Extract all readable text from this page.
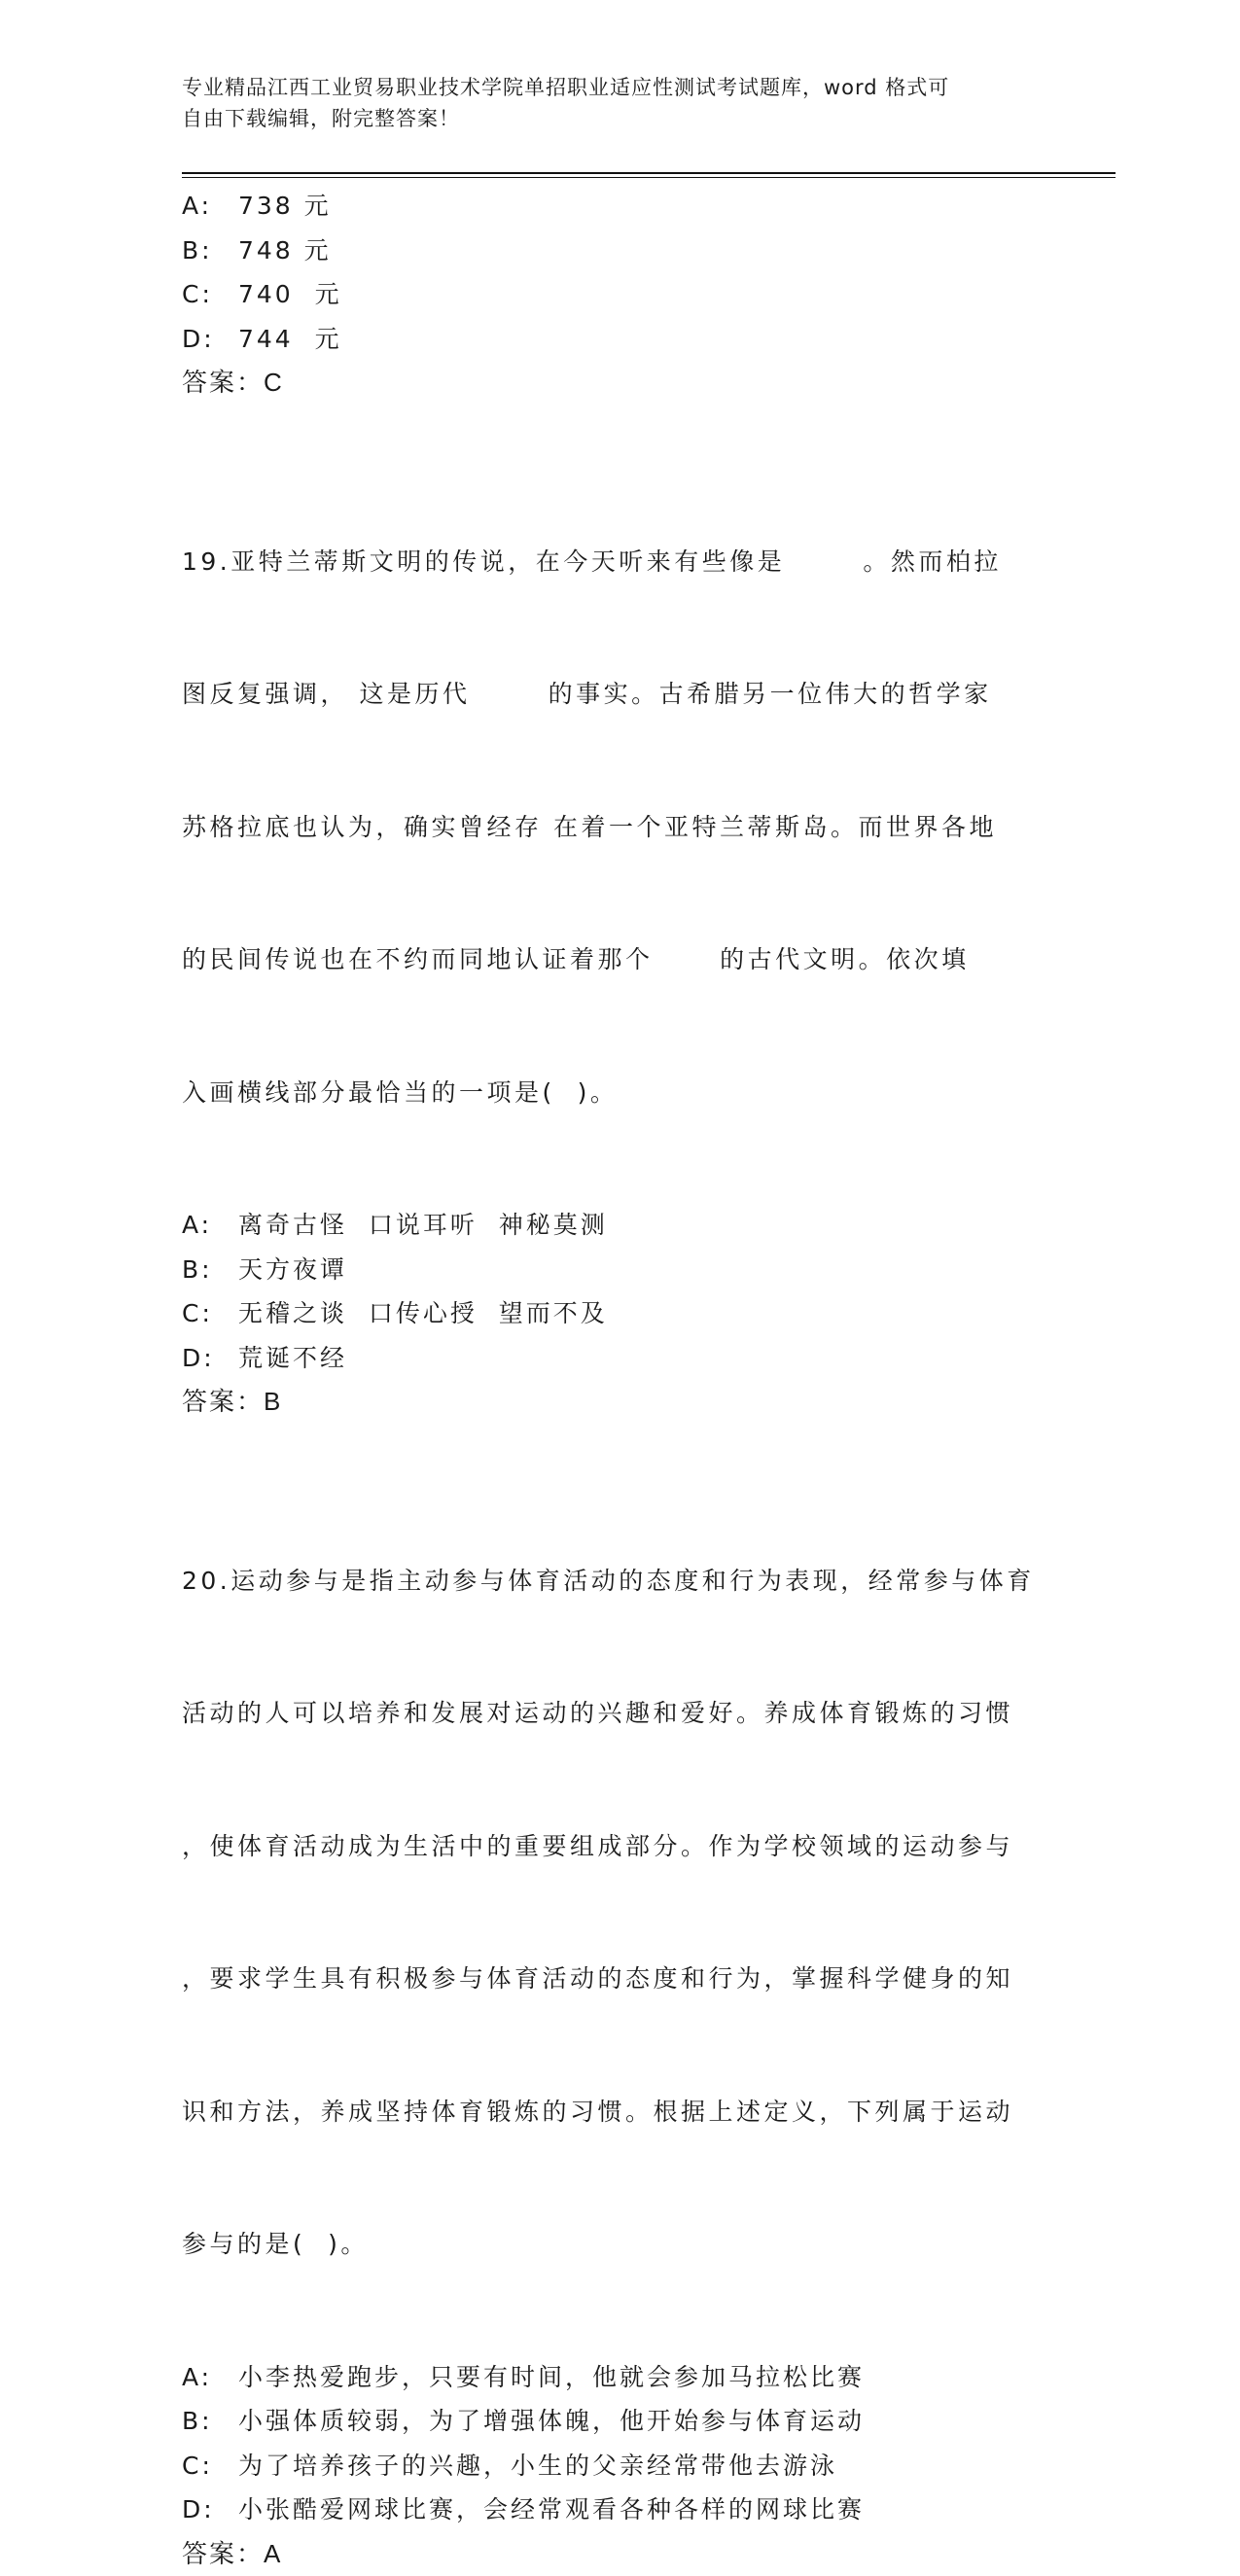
专业精品江西工业贸易职业技术学院单招职业适应性测试考试题库，word 格式可
自由下载编辑，附完整答案！
A:	738 元
B:	748 元
C:	740  元
D: 744  元
答案：C

19.亚特兰蒂斯文明的传说，在今天听来有些像是       。然而柏拉

图反复强调， 这是历代       的事实。古希腊另一位伟大的哲学家

苏格拉底也认为，确实曾经存 在着一个亚特兰蒂斯岛。而世界各地

的民间传说也在不约而同地认证着那个      的古代文明。依次填

入画横线部分最恰当的一项是(  )。

A:	离奇古怪  口说耳听  神秘莫测
B:	天方夜谭
C:	无稽之谈  口传心授  望而不及
D: 荒诞不经
答案：B

20.运动参与是指主动参与体育活动的态度和行为表现，经常参与体育

活动的人可以培养和发展对运动的兴趣和爱好。养成体育锻炼的习惯

，使体育活动成为生活中的重要组成部分。作为学校领域的运动参与

，要求学生具有积极参与体育活动的态度和行为，掌握科学健身的知

识和方法，养成坚持体育锻炼的习惯。根据上述定义，下列属于运动

参与的是(  )。

A:	小李热爱跑步，只要有时间，他就会参加马拉松比赛
B:	小强体质较弱，为了增强体魄，他开始参与体育运动
C:	为了培养孩子的兴趣，小生的父亲经常带他去游泳
D: 小张酷爱网球比赛，会经常观看各种各样的网球比赛
答案：A
